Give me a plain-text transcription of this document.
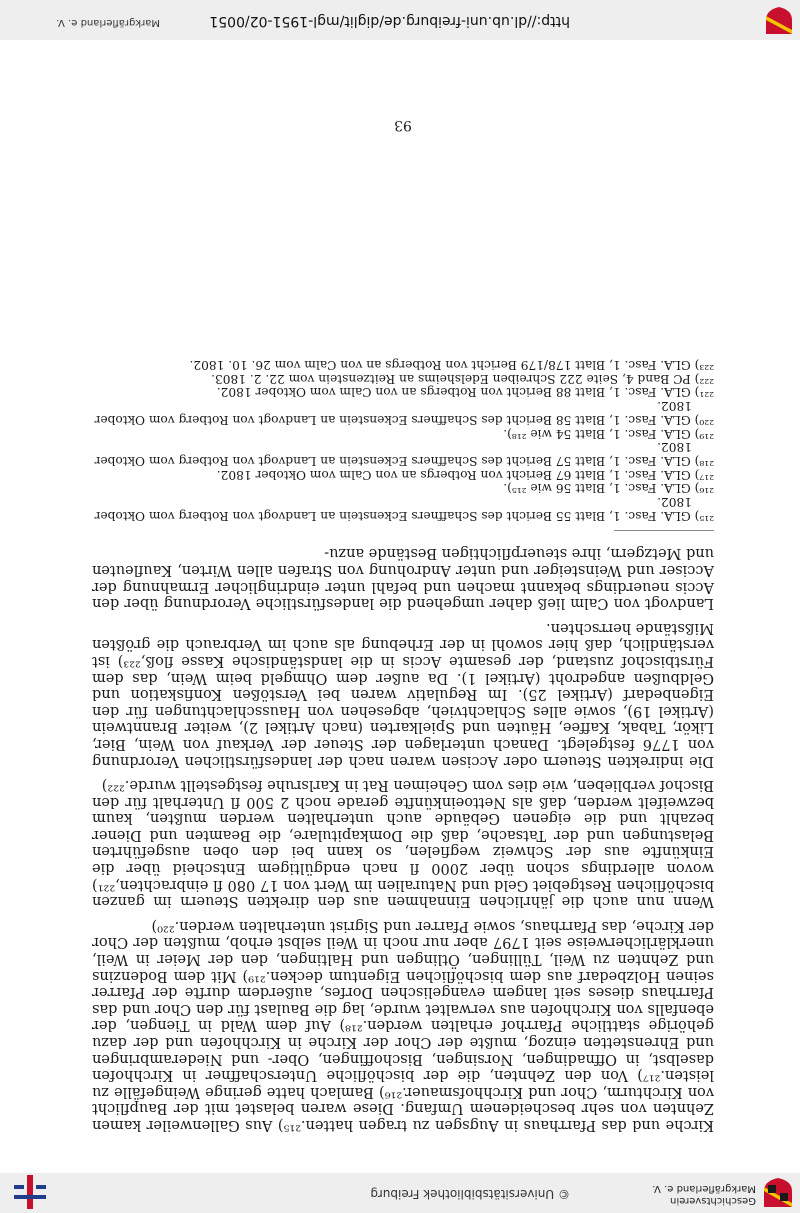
Geschichtsverein
Markgräflerland e. V.
© Universitätsbibliothek Freiburg

Kirche und das Pfarrhaus in Augsgen zu tragen hatten.²¹⁵) Aus Gallenweiler kamen Zehnten von sehr bescheidenem Umfang. Diese waren belastet mit der Baupflicht von Kirchturm, Chor und Kirchhofsmauer.²¹⁶) Bamlach hatte geringe Weingefälle zu leisten.²¹⁷) Von den Zehnten, die der bischöfliche Unterschaffner in Kirchhofen daselbst, in Offnadingen, Norsingen, Bischoffingen, Ober- und Niederambringen und Ehrenstetten einzog, mußte der Chor der Kirche in Kirchhofen und der dazu gehörige stattliche Pfarrhof erhalten werden.²¹⁸) Auf dem Wald in Tiengen, der ebenfalls von Kirchhofen aus verwaltet wurde, lag die Baulast für den Chor und das Pfarrhaus dieses seit langem evangelischen Dorfes, außerdem durfte der Pfarrer seinen Holzbedarf aus dem bischöflichen Eigentum decken.²¹⁹) Mit dem Bodenzins und Zehnten zu Weil, Tüllingen, Ötlingen und Haltingen, den der Meier in Weil, unerklärlicherweise seit 1797 aber nur noch in Weil selbst erhob, mußten der Chor der Kirche, das Pfarrhaus, sowie Pfarrer und Sigrist unterhalten werden.²²⁰)

Wenn nun auch die jährlichen Einnahmen aus den direkten Steuern im ganzen bischöflichen Restgebiet Geld und Naturalien im Wert von 17 080 fl einbrachten,²²¹) wovon allerdings schon über 2000 fl nach endgültigem Entscheid über die Einkünfte aus der Schweiz wegfielen, so kann bei den oben ausgeführten Belastungen und der Tatsache, daß die Domkapitulare, die Beamten und Diener bezahlt und die eigenen Gebäude auch unterhalten werden mußten, kaum bezweifelt werden, daß als Nettoeinkünfte gerade noch 2 500 fl Unterhalt für den Bischof verblieben, wie dies vom Geheimen Rat in Karlsruhe festgestellt wurde.²²²)

Die indirekten Steuern oder Accisen waren nach der landesfürstlichen Verordnung von 1776 festgelegt. Danach unterlagen der Steuer der Verkauf von Wein, Bier, Likör, Tabak, Kaffee, Häuten und Spielkarten (nach Artikel 2), weiter Branntwein (Artikel 19), sowie alles Schlachtvieh, abgesehen von Hausschlachtungen für den Eigenbedarf (Artikel 25). Im Regulativ waren bei Verstößen Konfiskation und Geldbußen angedroht (Artikel 1). Da außer dem Ohmgeld beim Wein, das dem Fürstbischof zustand, der gesamte Accis in die landständische Kasse floß,²²³) ist verständlich, daß hier sowohl in der Erhebung als auch im Verbrauch die größten Mißstände herrschten.

Landvogt von Calm ließ daher umgehend die landesfürstliche Verordnung über den Accis neuerdings bekannt machen und befahl unter eindringlicher Ermahnung der Acciser und Weinsteiger und unter Androhung von Strafen allen Wirten, Kaufleuten und Metzgern, ihre steuerpflichtigen Bestände anzu-

²¹⁵) GLA. Fasc. 1, Blatt 55 Bericht des Schaffners Eckenstein an Landvogt von Rotberg vom Oktober 1802.

²¹⁶) GLA. Fasc. 1, Blatt 56 wie ²¹⁵).

²¹⁷) GLA. Fasc. 1, Blatt 67 Bericht von Rotbergs an von Calm vom Oktober 1802.

²¹⁸) GLA. Fasc. 1, Blatt 57 Bericht des Schaffners Eckenstein an Landvogt von Rotberg vom Oktober 1802.

²¹⁹) GLA. Fasc. 1, Blatt 54 wie ²¹⁸).

²²⁰) GLA. Fasc. 1, Blatt 58 Bericht des Schaffners Eckenstein an Landvogt von Rotberg vom Oktober 1802.

²²¹) GLA. Fasc. 1, Blatt 88 Bericht von Rotbergs an von Calm vom Oktober 1802.

²²²) PC Band 4, Seite 222 Schreiben Edelsheims an Reitzenstein vom 22. 2. 1803.

²²³) GLA. Fasc. 1, Blatt 178/179 Bericht von Rotbergs an von Calm vom 26. 10. 1802.

93
http://dl.ub.uni-freiburg.de/diglit/mgl-1951-02/0051
Markgräflerland e. V.
